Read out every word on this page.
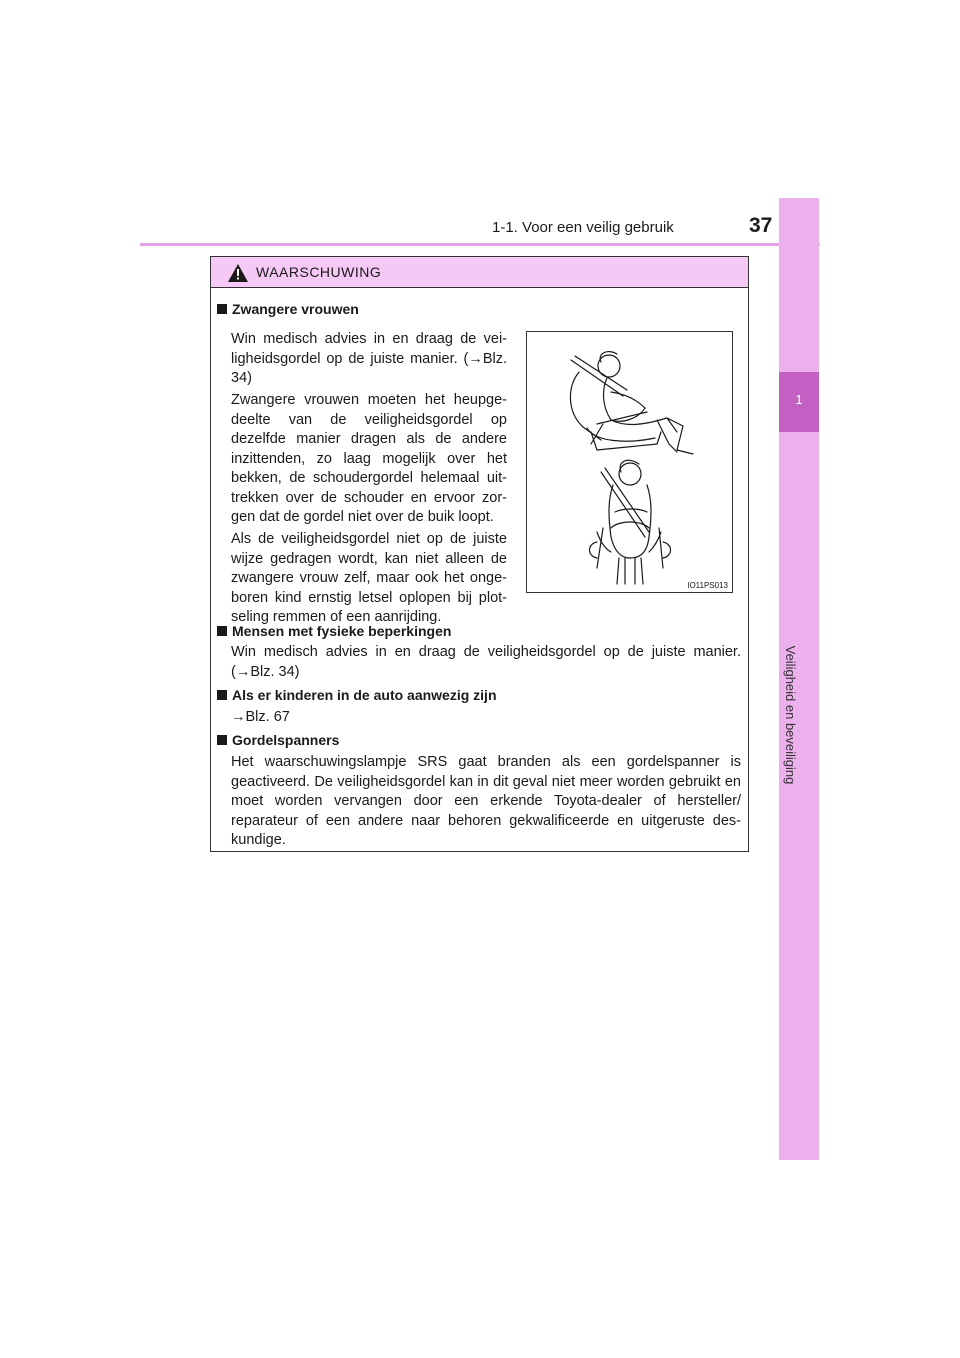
1-1. Voor een veilig gebruik	37
1
Veiligheid en beveiliging
WAARSCHUWING
Zwangere vrouwen
Win medisch advies in en draag de vei-ligheidsgordel op de juiste manier. (→Blz. 34)
Zwangere vrouwen moeten het heupge-deelte van de veiligheidsgordel op dezelfde manier dragen als de andere inzittenden, zo laag mogelijk over het bekken, de schoudergordel helemaal uit-trekken over de schouder en ervoor zor-gen dat de gordel niet over de buik loopt.
Als de veiligheidsgordel niet op de juiste wijze gedragen wordt, kan niet alleen de zwangere vrouw zelf, maar ook het onge-boren kind ernstig letsel oplopen bij plot-seling remmen of een aanrijding.
IO11PS013
Mensen met fysieke beperkingen
Win medisch advies in en draag de veiligheidsgordel op de juiste manier. (→Blz. 34)
Als er kinderen in de auto aanwezig zijn
→Blz. 67
Gordelspanners
Het waarschuwingslampje SRS gaat branden als een gordelspanner is geactiveerd. De veiligheidsgordel kan in dit geval niet meer worden gebruikt en moet worden vervangen door een erkende Toyota-dealer of hersteller/ reparateur of een andere naar behoren gekwalificeerde en uitgeruste des-kundige.
